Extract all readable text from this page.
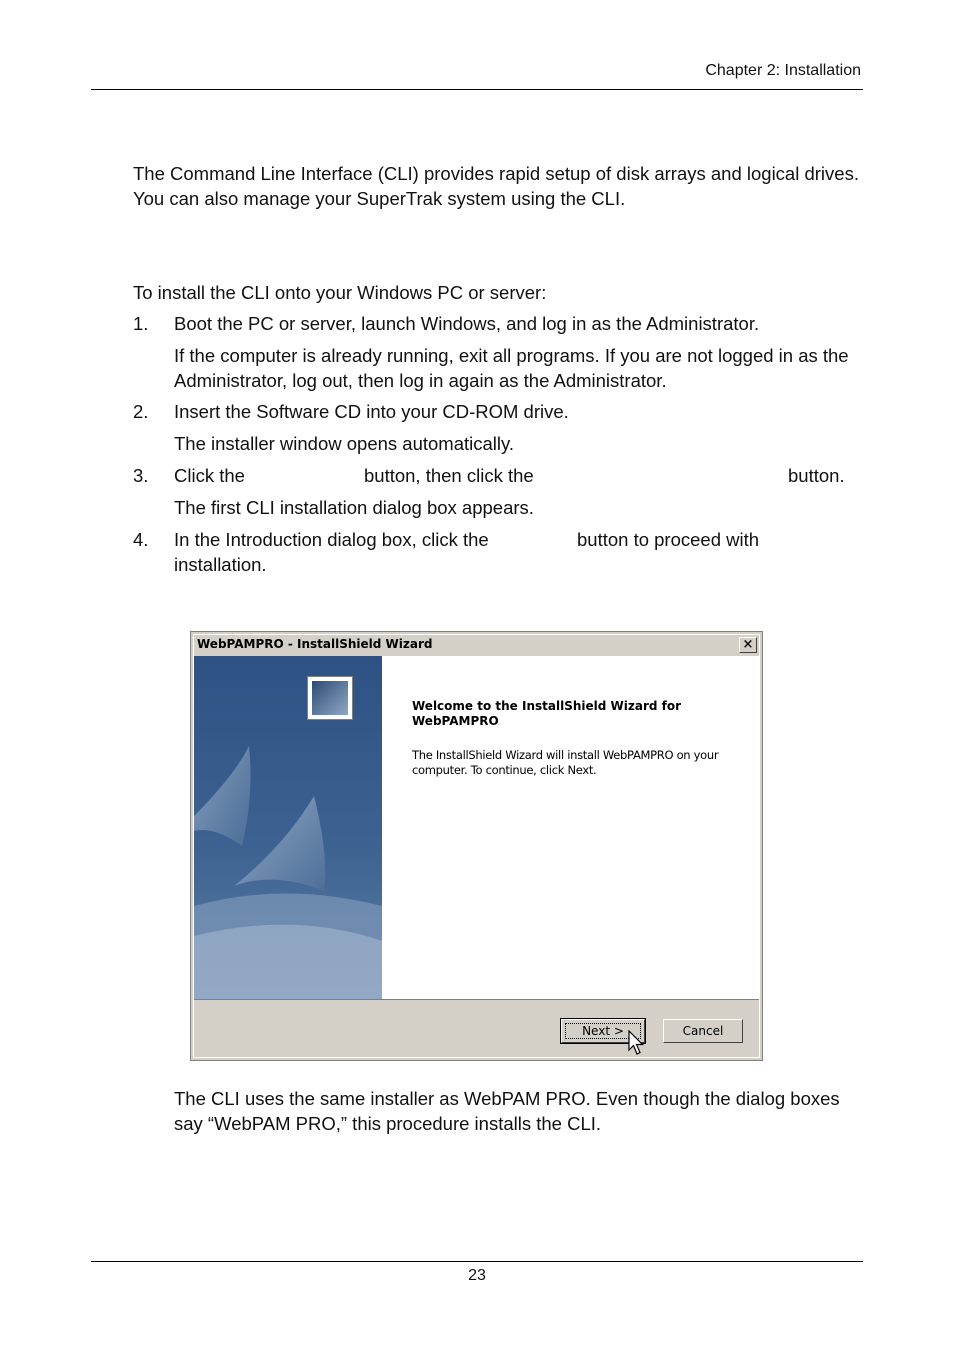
Chapter 2: Installation

The Command Line Interface (CLI) provides rapid setup of disk arrays and logical drives. You can also manage your SuperTrak system using the CLI.

To install the CLI onto your Windows PC or server:

1. Boot the PC or server, launch Windows, and log in as the Administrator.

If the computer is already running, exit all programs. If you are not logged in as the Administrator, log out, then log in again as the Administrator.

2. Insert the Software CD into your CD-ROM drive.

The installer window opens automatically.

3. Click the	button, then click the	button.

The first CLI installation dialog box appears.

4. In the Introduction dialog box, click the	button to proceed with
installation.
WebPAMPRO - InstallShield Wizard	×
Welcome to the InstallShield Wizard for WebPAMPRO
The InstallShield Wizard will install WebPAMPRO on your computer. To continue, click Next.
Next >	Cancel

The CLI uses the same installer as WebPAM PRO. Even though the dialog boxes say “WebPAM PRO,” this procedure installs the CLI.

23
